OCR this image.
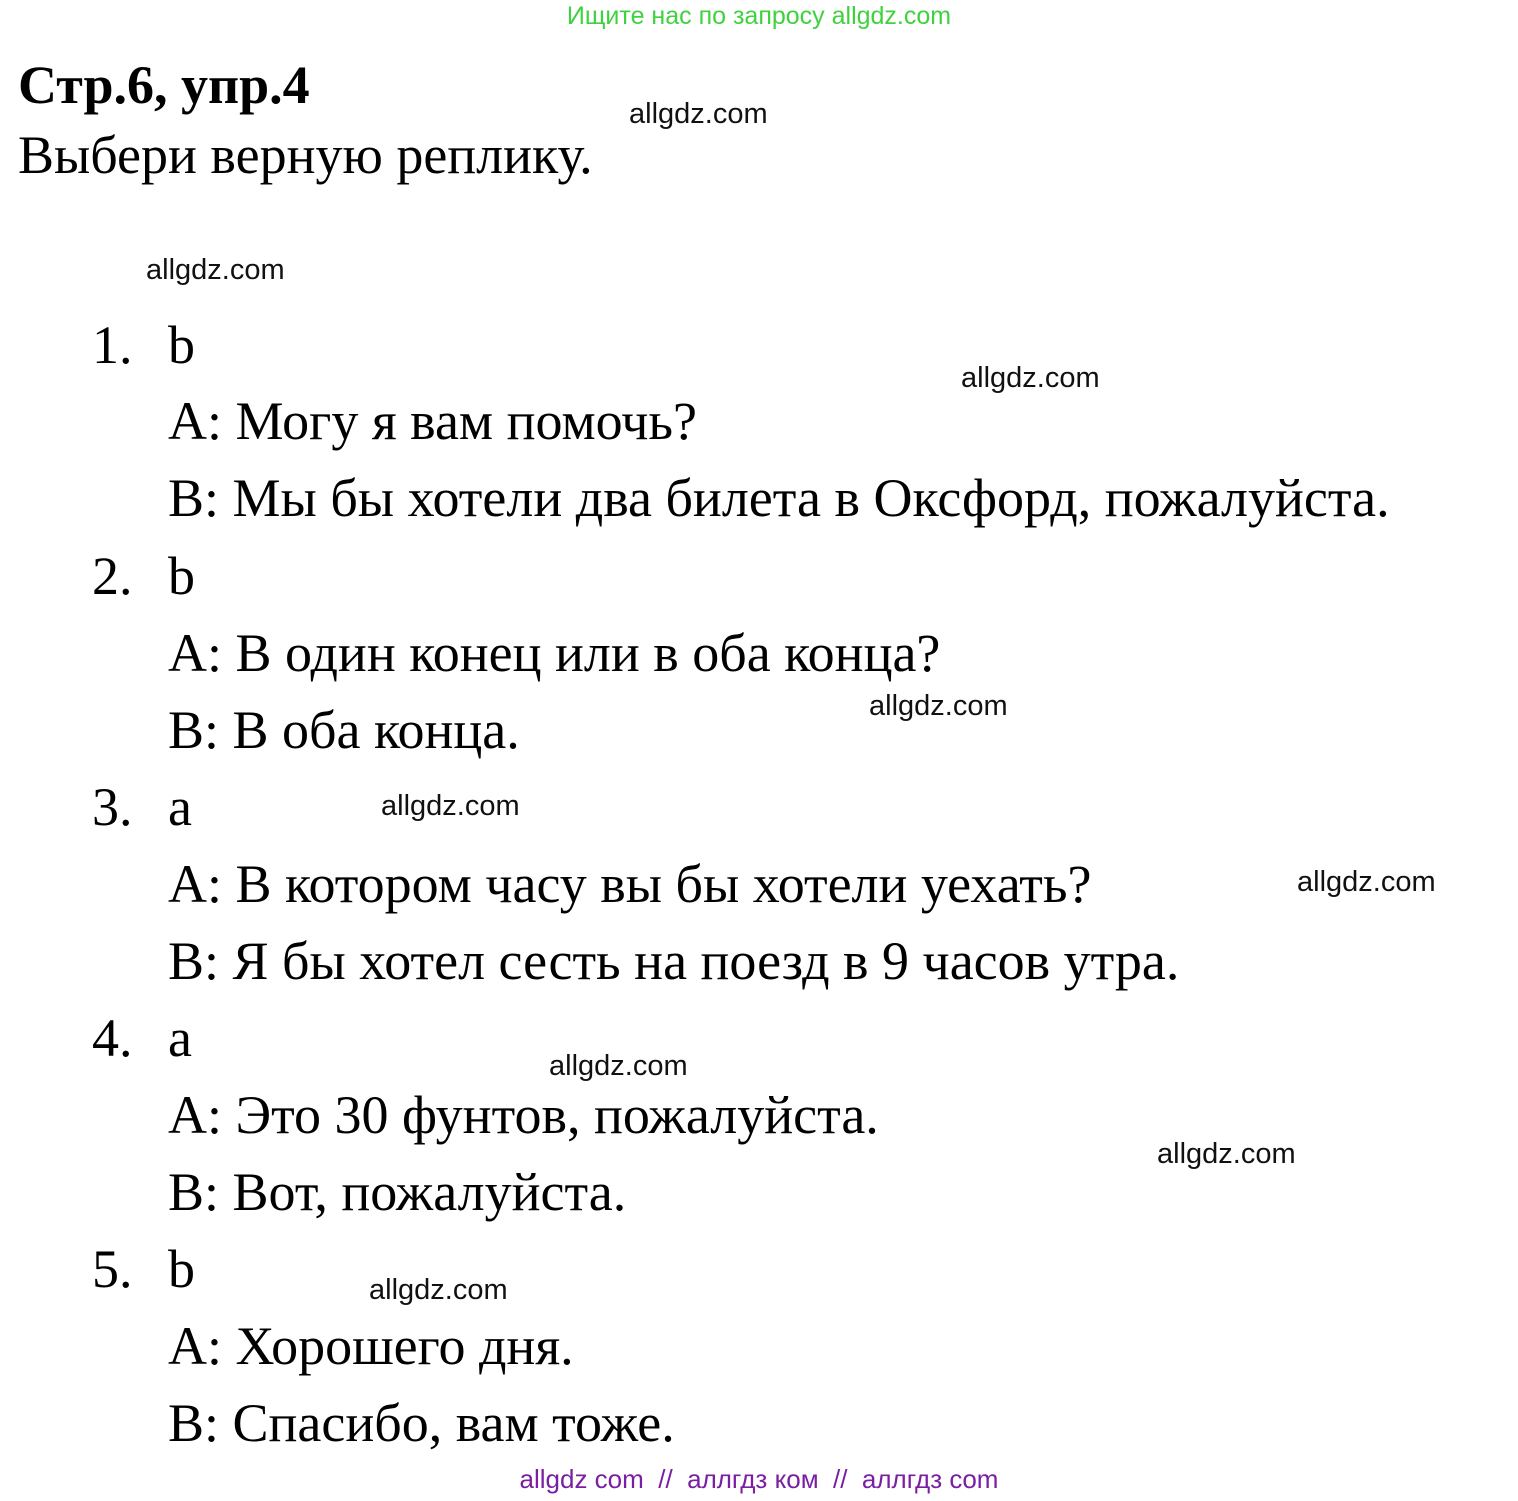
Ищите нас по запросу allgdz.com
Стр.6, упр.4
Выбери верную реплику.
1. b
A: Могу я вам помочь?
B: Мы бы хотели два билета в Оксфорд, пожалуйста.
2. b
A: В один конец или в оба конца?
B: В оба конца.
3. a
A: В котором часу вы бы хотели уехать?
B: Я бы хотел сесть на поезд в 9 часов утра.
4. a
A: Это 30 фунтов, пожалуйста.
B: Вот, пожалуйста.
5. b
A: Хорошего дня.
B: Спасибо, вам тоже.
allgdz.com
allgdz.com
allgdz.com
allgdz.com
allgdz.com
allgdz.com
allgdz.com
allgdz.com
allgdz.com
allgdz com  //  аллгдз ком  //  аллгдз com
